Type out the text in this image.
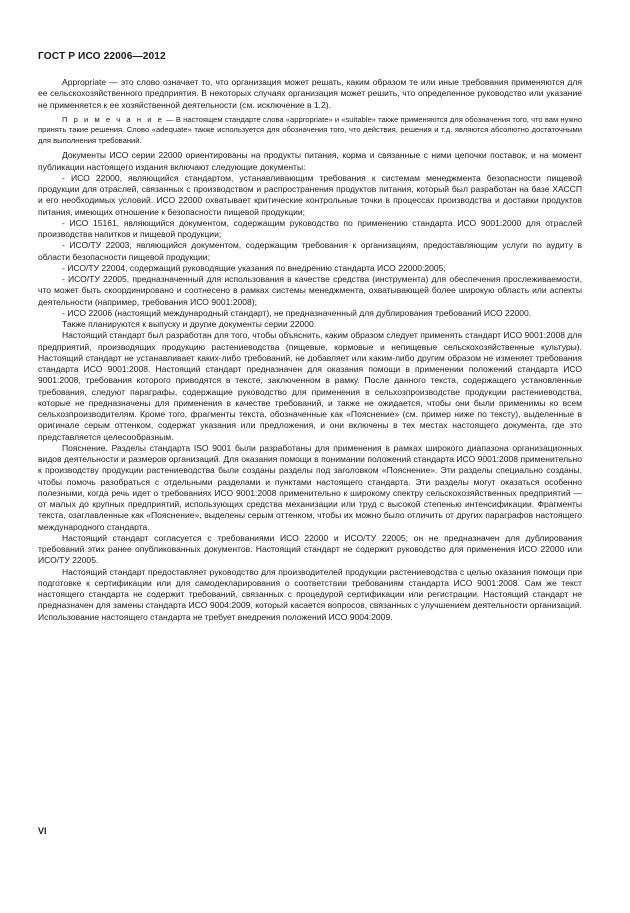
ГОСТ Р ИСО 22006—2012

Appropriate — это слово означает то, что организация может решать, каким образом те или иные требования применяются для ее сельскохозяйственного предприятия. В некоторых случаях организация может решить, что определенное руководство или указание не применяется к ее хозяйственной деятельности (см. исключение в 1.2).

П р и м е ч а н и е — В настоящем стандарте слова «appropriate» и «suitable» также применяются для обозначения того, что вам нужно принять такие решения. Слово «adequate» также используется для обозначения того, что действия, решения и т.д. являются абсолютно достаточными для выполнения требований.

Документы ИСО серии 22000 ориентированы на продукты питания, корма и связанные с ними цепочки поставок, и на момент публикации настоящего издания включают следующие документы:

- ИСО 22000, являющийся стандартом, устанавливающим требования к системам менеджмента безопасности пищевой продукции для отраслей, связанных с производством и распространения продуктов питания, который был разработан на базе ХАССП и его необходимых условий. ИСО 22000 охватывает критические контрольные точки в процессах производства и доставки продуктов питания, имеющих отношение к безопасности пищевой продукции;

- ИСО 15161, являющийся документом, содержащим руководство по применению стандарта ИСО 9001:2000 для отраслей производства напитков и пищевой продукции;

- ИСО/ТУ 22003, являющийся документом, содержащим требования к организациям, предоставляющим услуги по аудиту в области безопасности пищевой продукции;

- ИСО/ТУ 22004, содержащий руководящие указания по внедрению стандарта ИСО 22000:2005;

- ИСО/ТУ 22005, предназначенный для использования в качестве средства (инструмента) для обеспечения прослеживаемости, что может быть скоординировано и соотнесено в рамках системы менеджмента, охватывающей более широкую область или аспекты деятельности (например, требования ИСО 9001:2008);

- ИСО 22006 (настоящий международный стандарт), не предназначенный для дублирования требований ИСО 22000.

Также планируются к выпуску и другие документы серии 22000.

Настоящий стандарт был разработан для того, чтобы объяснить, каким образом следует применять стандарт ИСО 9001:2008 для предприятий, производящих продукцию растениеводства (пищевые, кормовые и непищевые сельскохозяйственные культуры). Настоящий стандарт не устанавливает каких-либо требований, не добавляет или каким-либо другим образом не изменяет требования стандарта ИСО 9001:2008. Настоящий стандарт предназначен для оказания помощи в применении положений стандарта ИСО 9001:2008, требования которого приводятся в тексте, заключенном в рамку. После данного текста, содержащего установленные требования, следуют параграфы, содержащие руководство для применения в сельхозпроизводстве продукции растениеводства, которые не предназначены для применения в качестве требований, и также не ожидается, чтобы они были применимы ко всем сельхозпроизводителям. Кроме того, фрагменты текста, обозначенные как «Пояснение» (см. пример ниже по тексту), выделенные в оригинале серым оттенком, содержат указания или предложения, и они включены в тех местах настоящего документа, где это представляется целесообразным.

Пояснение. Разделы стандарта ISO 9001 были разработаны для применения в рамках широкого диапазона организационных видов деятельности и размеров организаций. Для оказания помощи в понимании положений стандарта ИСО 9001:2008 применительно к производству продукции растениеводства были созданы разделы под заголовком «Пояснение». Эти разделы специально созданы, чтобы помочь разобраться с отдельными разделами и пунктами настоящего стандарта. Эти разделы могут оказаться особенно полезными, когда речь идет о требованиях ИСО 9001:2008 применительно к широкому спектру сельскохозяйственных предприятий — от малых до крупных предприятий, использующих средства механизации или труд с высокой степенью интенсификации. Фрагменты текста, озаглавленные как «Пояснение», выделены серым оттенком, чтобы их можно было отличить от других параграфов настоящего международного стандарта.

Настоящий стандарт согласуется с требованиями ИСО 22000 и ИСО/ТУ 22005; он не предназначен для дублирования требований этих ранее опубликованных документов. Настоящий стандарт не содержит руководство для применения ИСО 22000 или ИСО/ТУ 22005.

Настоящий стандарт предоставляет руководство для производителей продукции растениеводства с целью оказания помощи при подготовке к сертификации или для самодекларирования о соответствии требованиям стандарта ИСО 9001:2008. Сам же текст настоящего стандарта не содержит требований, связанных с процедурой сертификации или регистрации. Настоящий стандарт не предназначен для замены стандарта ИСО 9004:2009, который касается вопросов, связанных с улучшением деятельности организаций. Использование настоящего стандарта не требует внедрения положений ИСО 9004:2009.

VI
